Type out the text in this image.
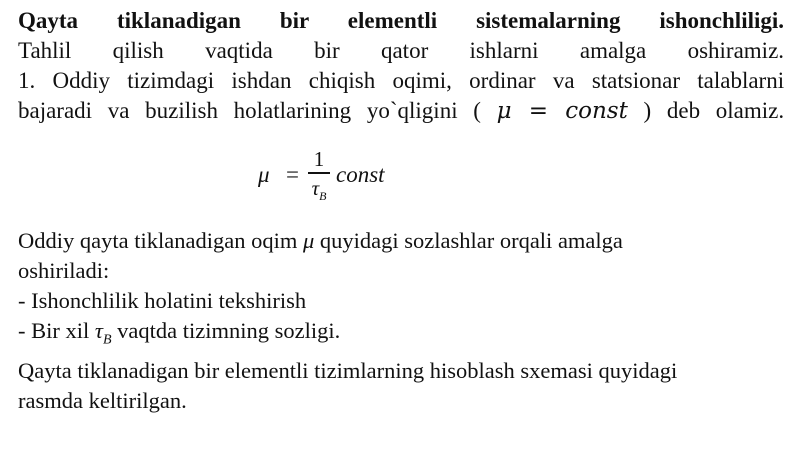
Qayta tiklanadigan bir elementli sistemalarning ishonchliligi.
Tahlil qilish vaqtida bir qator ishlarni amalga oshiramiz.
1. Oddiy tizimdagi ishdan chiqish oqimi, ordinar va statsionar talablarni
bajaradi va buzilish holatlarining yo`qligini ( μ = const ) deb olamiz.
μ =
1
$\tau_B$
const

Oddiy qayta tiklanadigan oqim μ quyidagi sozlashlar orqali amalga

oshiriladi:

- Ishonchlilik holatini tekshirish

- Bir xil $\tau_B$ vaqtda tizimning sozligi.

Qayta tiklanadigan bir elementli tizimlarning hisoblash sxemasi quyidagi

rasmda keltirilgan.
